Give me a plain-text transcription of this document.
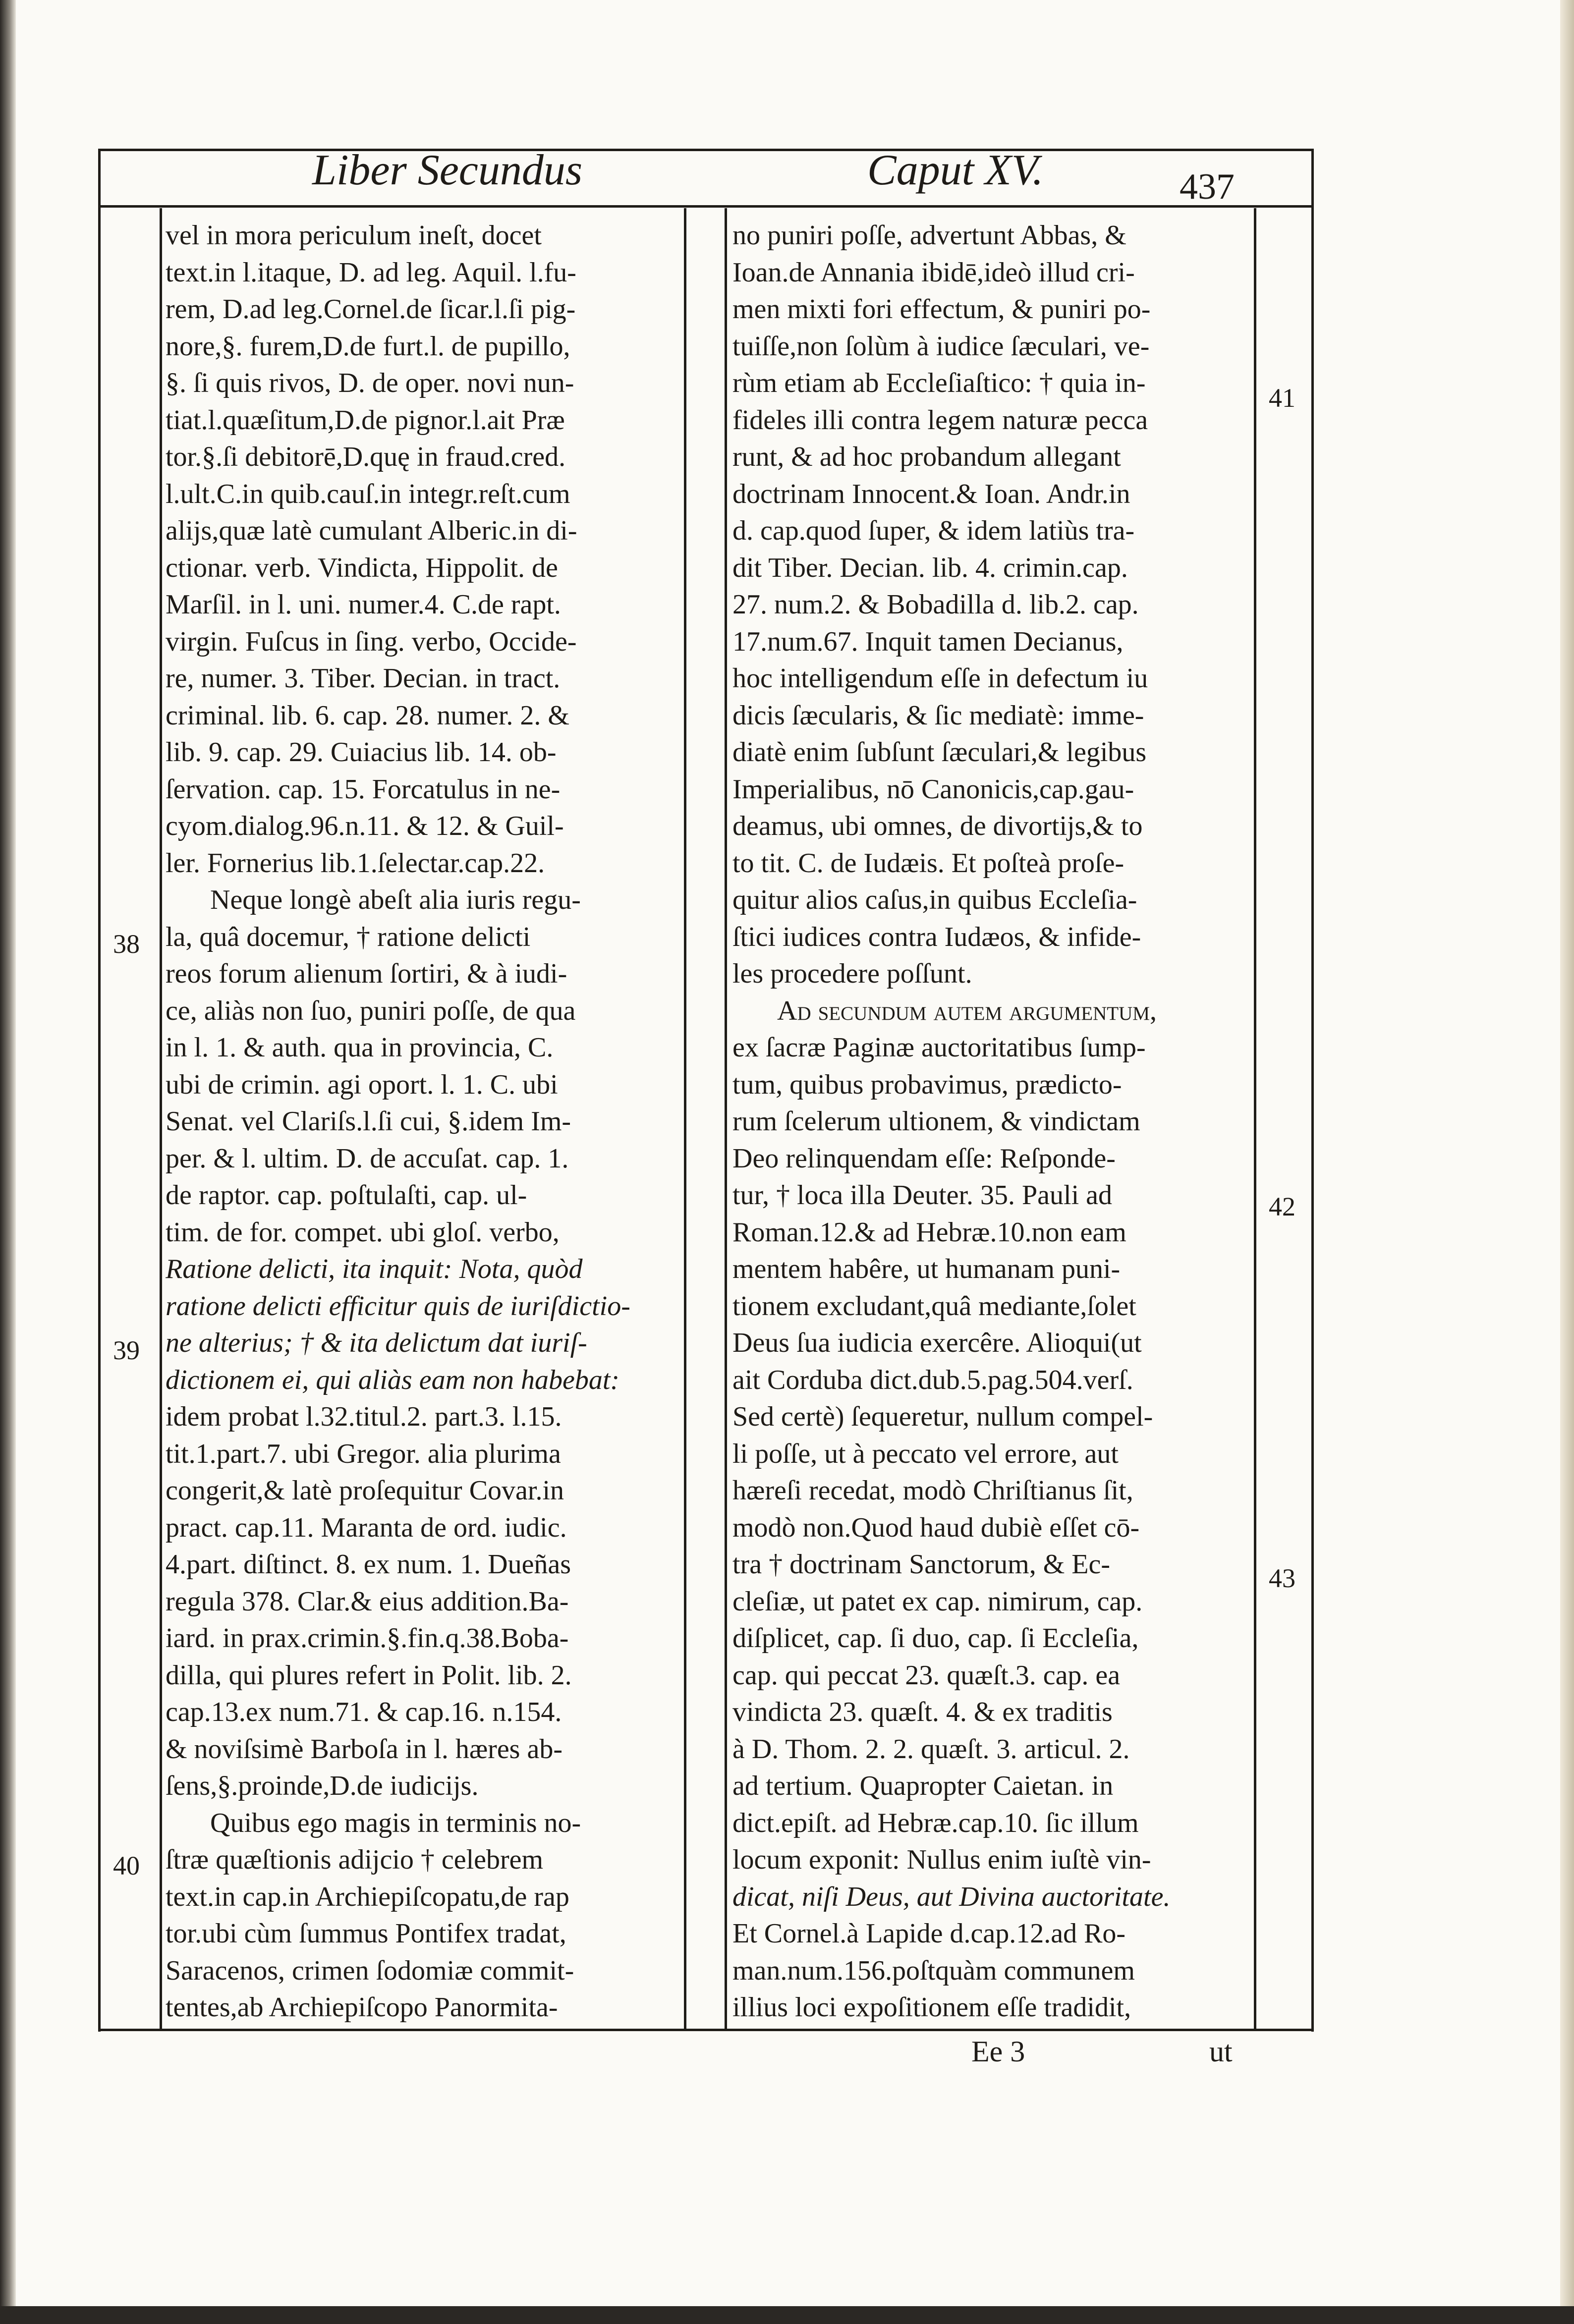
Liber Secundus	Caput XV.	437

vel in mora periculum ineſt, docet

text.in l.itaque, D. ad leg. Aquil. l.fu-

rem, D.ad leg.Cornel.de ſicar.l.ſi pig-

nore,§. furem,D.de furt.l. de pupillo,

§. ſi quis rivos, D. de oper. novi nun-

tiat.l.quæſitum,D.de pignor.l.ait Præ

tor.§.ſi debitorē,D.quę in fraud.cred.

l.ult.C.in quib.cauſ.in integr.reſt.cum

alijs,quæ latè cumulant Alberic.in di-

ctionar. verb. Vindicta, Hippolit. de

Marſil. in l. uni. numer.4. C.de rapt.

virgin. Fuſcus in ſing. verbo, Occide-

re, numer. 3. Tiber. Decian. in tract.

criminal. lib. 6. cap. 28. numer. 2. &

lib. 9. cap. 29. Cuiacius lib. 14. ob-

ſervation. cap. 15. Forcatulus in ne-

cyom.dialog.96.n.11. & 12. & Guil-

ler. Fornerius lib.1.ſelectar.cap.22.

Neque longè abeſt alia iuris regu-

la, quâ docemur, † ratione delicti

reos forum alienum ſortiri, & à iudi-

ce, aliàs non ſuo, puniri poſſe, de qua

in l. 1. & auth. qua in provincia, C.

ubi de crimin. agi oport. l. 1. C. ubi

Senat. vel Clariſs.l.ſi cui, §.idem Im-

per. & l. ultim. D. de accuſat. cap. 1.

de raptor. cap. poſtulaſti, cap. ul-

tim. de for. compet. ubi gloſ. verbo,

Ratione delicti, ita inquit: Nota, quòd

ratione delicti efficitur quis de iuriſdictio-

ne alterius; † & ita delictum dat iuriſ-

dictionem ei, qui aliàs eam non habebat:

idem probat l.32.titul.2. part.3. l.15.

tit.1.part.7. ubi Gregor. alia plurima

congerit,& latè proſequitur Covar.in

pract. cap.11. Maranta de ord. iudic.

4.part. diſtinct. 8. ex num. 1. Dueñas

regula 378. Clar.& eius addition.Ba-

iard. in prax.crimin.§.fin.q.38.Boba-

dilla, qui plures refert in Polit. lib. 2.

cap.13.ex num.71. & cap.16. n.154.

& noviſsimè Barboſa in l. hæres ab-

ſens,§.proinde,D.de iudicijs.

Quibus ego magis in terminis no-

ſtræ quæſtionis adijcio † celebrem

text.in cap.in Archiepiſcopatu,de rap

tor.ubi cùm ſummus Pontifex tradat,

Saracenos, crimen ſodomiæ commit-

tentes,ab Archiepiſcopo Panormita-

no puniri poſſe, advertunt Abbas, &

Ioan.de Annania ibidē,ideò illud cri-

men mixti fori effectum, & puniri po-

tuiſſe,non ſolùm à iudice ſæculari, ve-

rùm etiam ab Eccleſiaſtico: † quia in-

fideles illi contra legem naturæ pecca

runt, & ad hoc probandum allegant

doctrinam Innocent.& Ioan. Andr.in

d. cap.quod ſuper, & idem latiùs tra-

dit Tiber. Decian. lib. 4. crimin.cap.

27. num.2. & Bobadilla d. lib.2. cap.

17.num.67. Inquit tamen Decianus,

hoc intelligendum eſſe in defectum iu

dicis ſæcularis, & ſic mediatè: imme-

diatè enim ſubſunt ſæculari,& legibus

Imperialibus, nō Canonicis,cap.gau-

deamus, ubi omnes, de divortijs,& to

to tit. C. de Iudæis. Et poſteà proſe-

quitur alios caſus,in quibus Eccleſia-

ſtici iudices contra Iudæos, & infide-

les procedere poſſunt.

Ad ſecundum autem argumentum,

ex ſacræ Paginæ auctoritatibus ſump-

tum, quibus probavimus, prædicto-

rum ſcelerum ultionem, & vindictam

Deo relinquendam eſſe: Reſponde-

tur, † loca illa Deuter. 35. Pauli ad

Roman.12.& ad Hebræ.10.non eam

mentem habêre, ut humanam puni-

tionem excludant,quâ mediante,ſolet

Deus ſua iudicia exercêre. Alioqui(ut

ait Corduba dict.dub.5.pag.504.verſ.

Sed certè) ſequeretur, nullum compel-

li poſſe, ut à peccato vel errore, aut

hæreſi recedat, modò Chriſtianus ſit,

modò non.Quod haud dubiè eſſet cō-

tra † doctrinam Sanctorum, & Ec-

cleſiæ, ut patet ex cap. nimirum, cap.

diſplicet, cap. ſi duo, cap. ſi Eccleſia,

cap. qui peccat 23. quæſt.3. cap. ea

vindicta 23. quæſt. 4. & ex traditis

à D. Thom. 2. 2. quæſt. 3. articul. 2.

ad tertium. Quapropter Caietan. in

dict.epiſt. ad Hebræ.cap.10. ſic illum

locum exponit: Nullus enim iuſtè vin-

dicat, niſi Deus, aut Divina auctoritate.

Et Cornel.à Lapide d.cap.12.ad Ro-

man.num.156.poſtquàm communem

illius loci expoſitionem eſſe tradidit,

38
39
40
41
42
43
Ee 3	ut
